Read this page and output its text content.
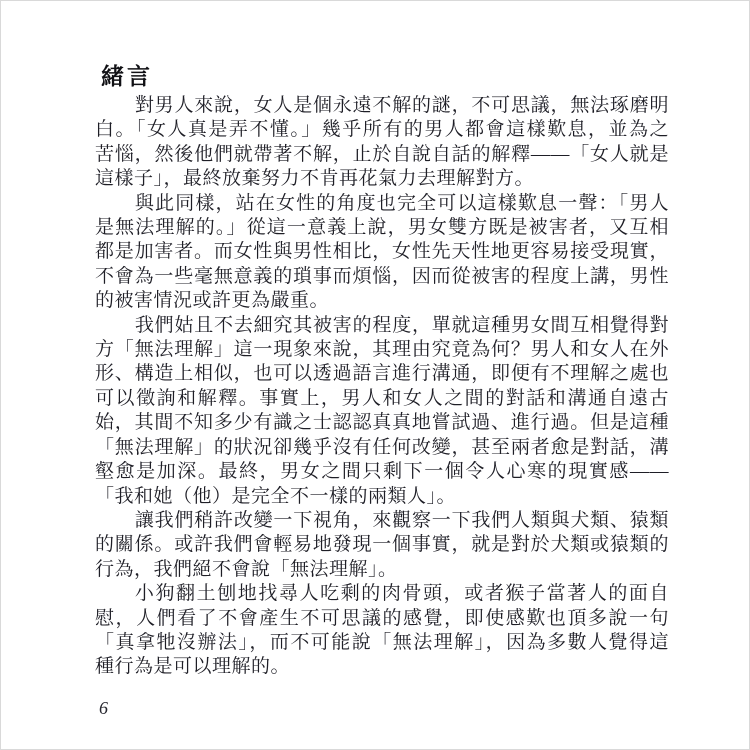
緒言

對男人來說，女人是個永遠不解的謎，不可思議，無法琢磨明
白。「女人真是弄不懂。」幾乎所有的男人都會這樣歎息，並為之
苦惱，然後他們就帶著不解，止於自說自話的解釋——「女人就是
這樣子」，最終放棄努力不肯再花氣力去理解對方。

與此同樣，站在女性的角度也完全可以這樣歎息一聲：「男人
是無法理解的。」從這一意義上說，男女雙方既是被害者，又互相
都是加害者。而女性與男性相比，女性先天性地更容易接受現實，
不會為一些毫無意義的瑣事而煩惱，因而從被害的程度上講，男性
的被害情況或許更為嚴重。

我們姑且不去細究其被害的程度，單就這種男女間互相覺得對
方「無法理解」這一現象來說，其理由究竟為何？男人和女人在外
形、構造上相似，也可以透過語言進行溝通，即便有不理解之處也
可以徵詢和解釋。事實上，男人和女人之間的對話和溝通自遠古
始，其間不知多少有識之士認認真真地嘗試過、進行過。但是這種
「無法理解」的狀況卻幾乎沒有任何改變，甚至兩者愈是對話，溝
壑愈是加深。最終，男女之間只剩下一個令人心寒的現實感——
「我和她（他）是完全不一樣的兩類人」。

讓我們稍許改變一下視角，來觀察一下我們人類與犬類、猿類
的關係。或許我們會輕易地發現一個事實，就是對於犬類或猿類的
行為，我們絕不會說「無法理解」。

小狗翻土刨地找尋人吃剩的肉骨頭，或者猴子當著人的面自
慰，人們看了不會產生不可思議的感覺，即使感歎也頂多說一句
「真拿牠沒辦法」，而不可能說「無法理解」，因為多數人覺得這
種行為是可以理解的。

6
